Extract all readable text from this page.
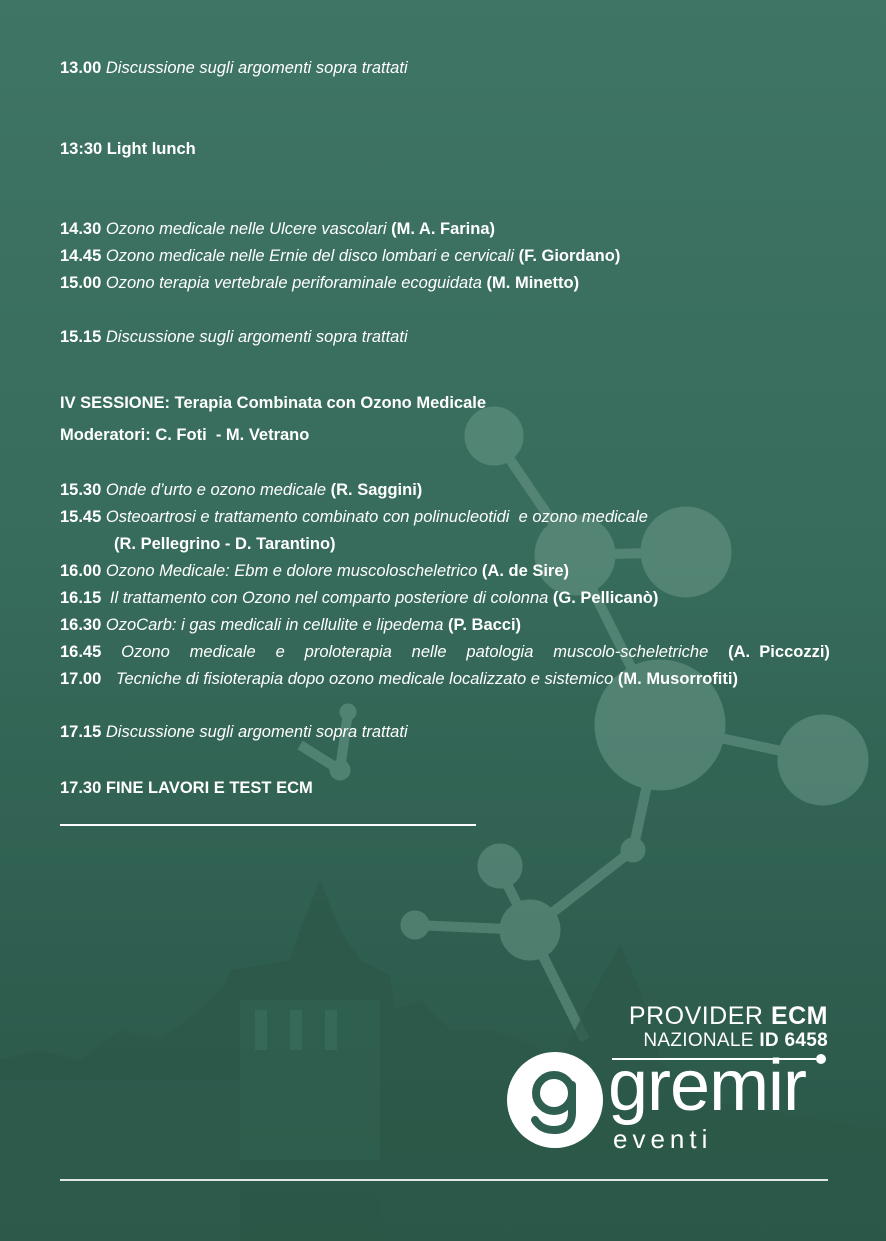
13.00 Discussione sugli argomenti sopra trattati
13:30 Light lunch
14.30 Ozono medicale nelle Ulcere vascolari (M. A. Farina)
14.45 Ozono medicale nelle Ernie del disco lombari e cervicali (F. Giordano)
15.00 Ozono terapia vertebrale periforaminale ecoguidata (M. Minetto)
15.15 Discussione sugli argomenti sopra trattati
IV SESSIONE: Terapia Combinata con Ozono Medicale
Moderatori: C. Foti  - M. Vetrano
15.30 Onde d’urto e ozono medicale (R. Saggini)
15.45 Osteoartrosi e trattamento combinato con polinucleotidi  e ozono medicale
(R. Pellegrino - D. Tarantino)
16.00 Ozono Medicale: Ebm e dolore muscoloscheletrico (A. de Sire)
16.15 Il trattamento con Ozono nel comparto posteriore di colonna (G. Pellicanò)
16.30 OzoCarb: i gas medicali in cellulite e lipedema (P. Bacci)
16.45 Ozono medicale e proloterapia nelle patologia muscolo-scheletriche (A.  Piccozzi)
17.00 Tecniche di fisioterapia dopo ozono medicale localizzato e sistemico (M. Musorrofiti)
17.15 Discussione sugli argomenti sopra trattati
17.30 FINE LAVORI E TEST ECM
PROVIDER ECM
NAZIONALE ID 6458
gremir
eventi
